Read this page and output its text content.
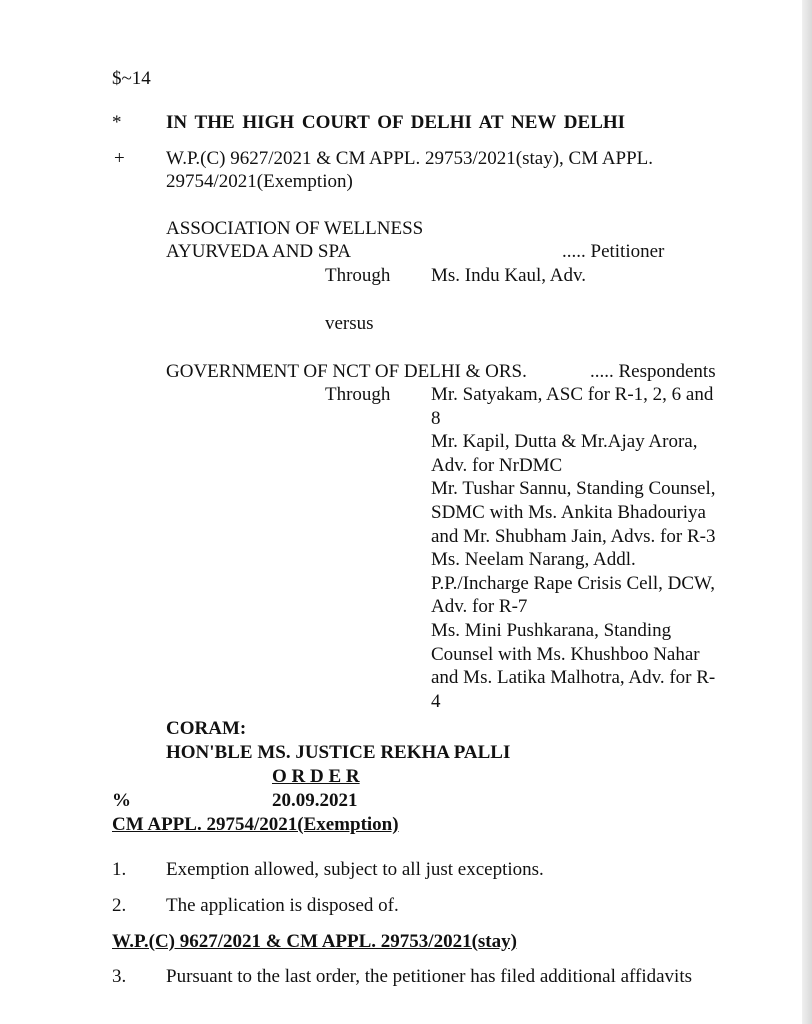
$~14
* IN THE HIGH COURT OF DELHI AT NEW DELHI
+ W.P.(C) 9627/2021 & CM APPL. 29753/2021(stay), CM APPL.
29754/2021(Exemption)
ASSOCIATION OF WELLNESS
AYURVEDA AND SPA	..... Petitioner
Through Ms. Indu Kaul, Adv.
versus
GOVERNMENT OF NCT OF DELHI & ORS.	..... Respondents
Through Mr. Satyakam, ASC for R-1, 2, 6 and
8
Mr. Kapil, Dutta & Mr.Ajay Arora,
Adv. for NrDMC
Mr. Tushar Sannu, Standing Counsel,
SDMC with Ms. Ankita Bhadouriya
and Mr. Shubham Jain, Advs. for R-3
Ms. Neelam Narang, Addl.
P.P./Incharge Rape Crisis Cell, DCW,
Adv. for R-7
Ms. Mini Pushkarana, Standing
Counsel with Ms. Khushboo Nahar
and Ms. Latika Malhotra, Adv. for R-
4
CORAM:
HON'BLE MS. JUSTICE REKHA PALLI
O R D E R
%	20.09.2021
CM APPL. 29754/2021(Exemption)
1. Exemption allowed, subject to all just exceptions.
2. The application is disposed of.
W.P.(C) 9627/2021 & CM APPL. 29753/2021(stay)
3. Pursuant to the last order, the petitioner has filed additional affidavits
